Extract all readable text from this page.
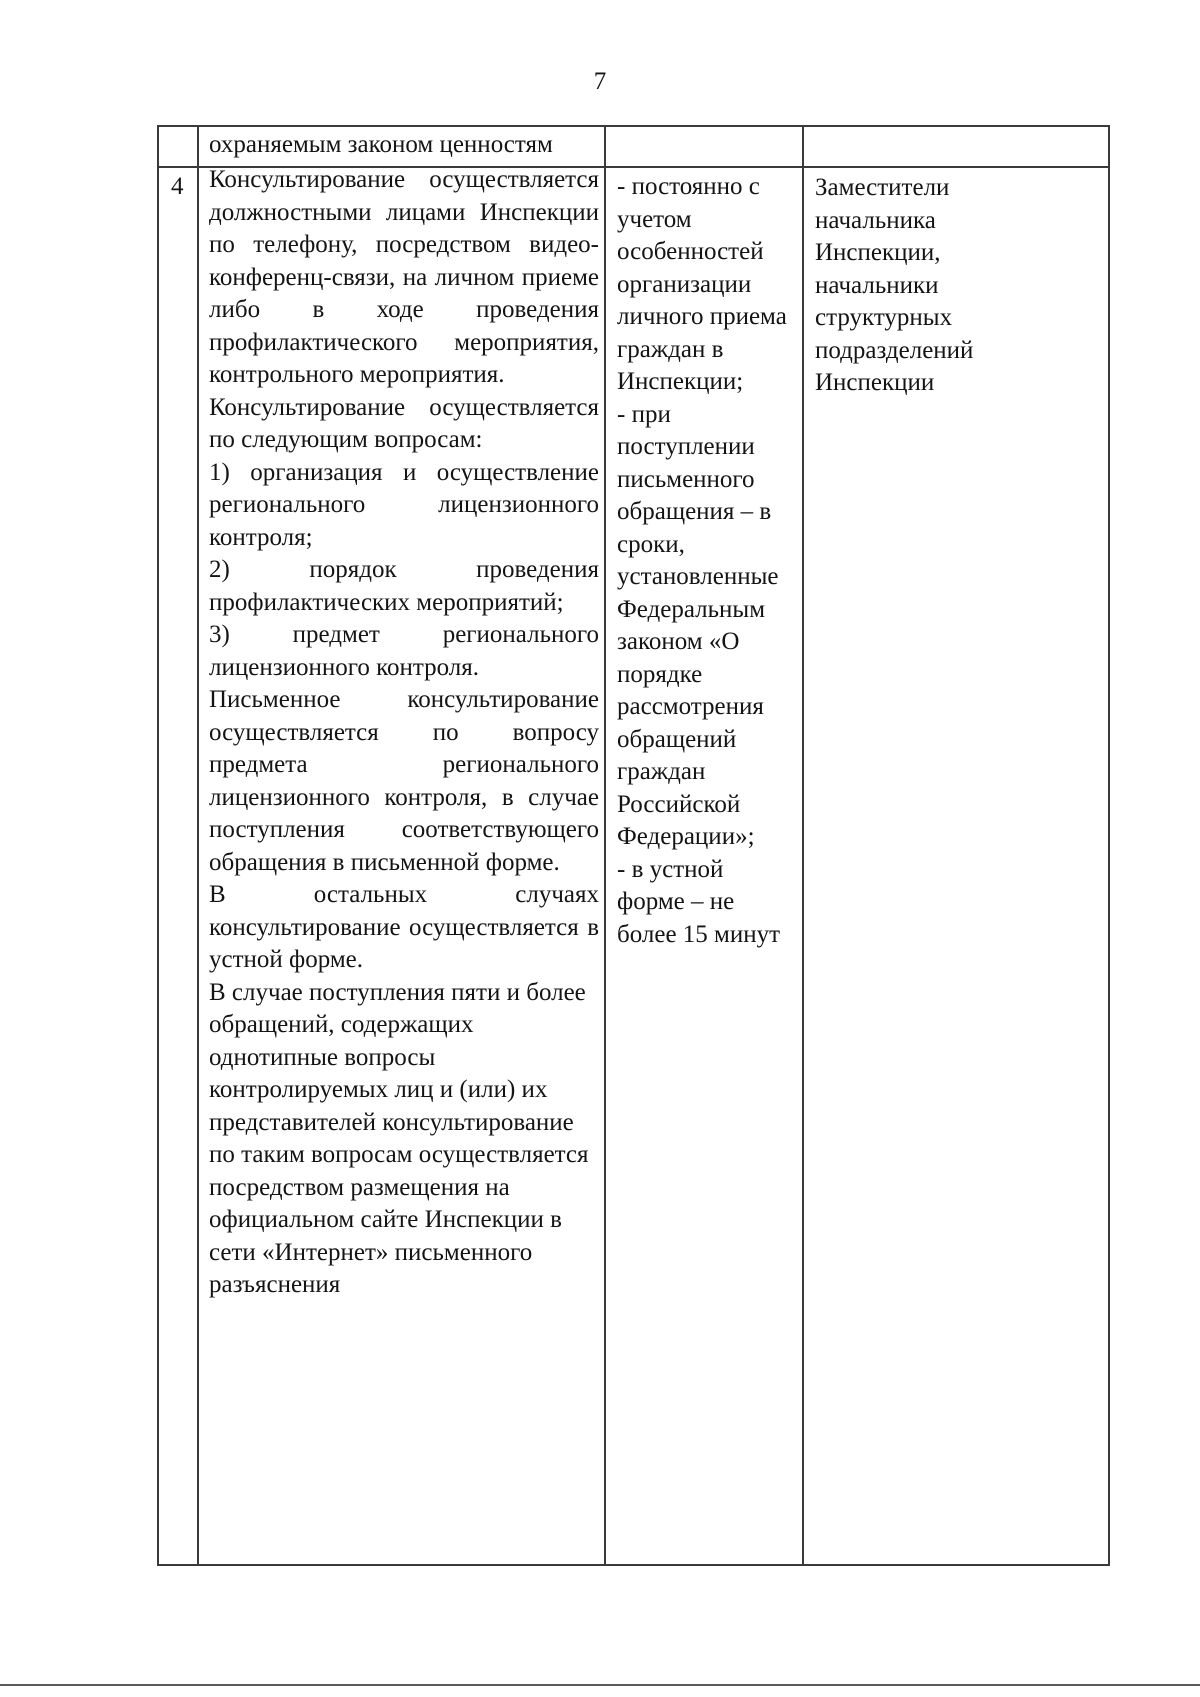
7
охраняемым законом ценностям
4	Консультирование осуществляется должностными лицами Инспекции по телефону, посредством видео-конференц-связи, на личном приеме либо в ходе проведения профилактического мероприятия, контрольного мероприятия.

Консультирование осуществляется по следующим вопросам:

1) организация и осуществление регионального лицензионного контроля;

2) порядок проведения профилактических мероприятий;

3) предмет регионального лицензионного контроля.

Письменное консультирование осуществляется по вопросу предмета регионального лицензионного контроля, в случае поступления соответствующего обращения в письменной форме.

В остальных случаях консультирование осуществляется в устной форме.

В случае поступления пяти и более обращений, содержащих однотипные вопросы контролируемых лиц и (или) их представителей консультирование по таким вопросам осуществляется посредством размещения на официальном сайте Инспекции в сети «Интернет» письменного разъяснения

- постоянно с учетом особенностей организации личного приема граждан в Инспекции;

- при поступлении письменного обращения – в сроки, установленные Федеральным законом «О порядке рассмотрения обращений граждан Российской Федерации»;

- в устной форме – не более 15 минут

Заместители начальника Инспекции, начальники структурных подразделений Инспекции
